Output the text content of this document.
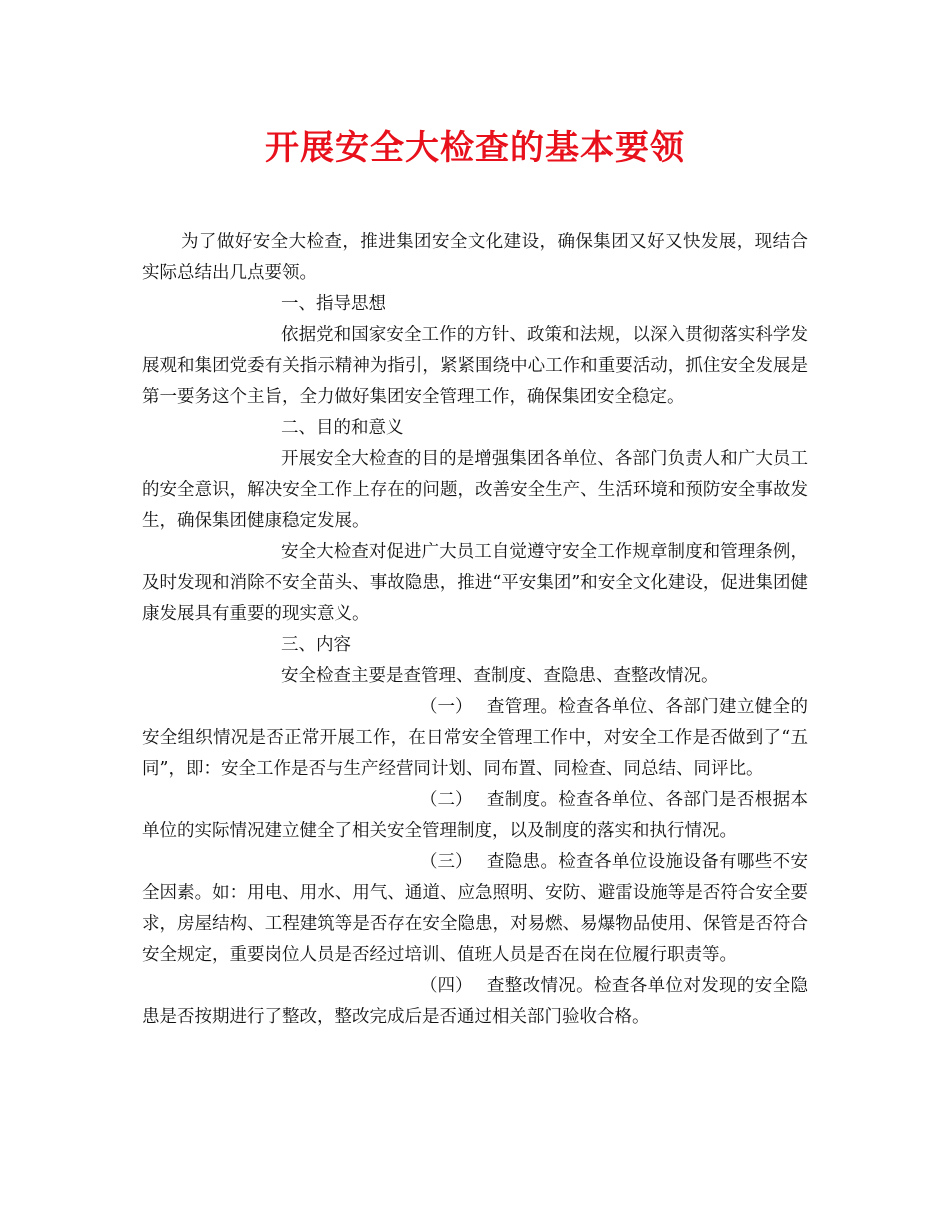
开展安全大检查的基本要领

为了做好安全大检查，推进集团安全文化建设，确保集团又好又快发展，现结合实际总结出几点要领。

一、指导思想

依据党和国家安全工作的方针、政策和法规，以深入贯彻落实科学发展观和集团党委有关指示精神为指引，紧紧围绕中心工作和重要活动，抓住安全发展是第一要务这个主旨，全力做好集团安全管理工作，确保集团安全稳定。

二、目的和意义

开展安全大检查的目的是增强集团各单位、各部门负责人和广大员工的安全意识，解决安全工作上存在的问题，改善安全生产、生活环境和预防安全事故发生，确保集团健康稳定发展。

安全大检查对促进广大员工自觉遵守安全工作规章制度和管理条例，及时发现和消除不安全苗头、事故隐患，推进“平安集团”和安全文化建设，促进集团健康发展具有重要的现实意义。

三、内容

安全检查主要是查管理、查制度、查隐患、查整改情况。

（一） 查管理。检查各单位、各部门建立健全的安全组织情况是否正常开展工作，在日常安全管理工作中，对安全工作是否做到了“五同”，即：安全工作是否与生产经营同计划、同布置、同检查、同总结、同评比。

（二） 查制度。检查各单位、各部门是否根据本单位的实际情况建立健全了相关安全管理制度，以及制度的落实和执行情况。

（三） 查隐患。检查各单位设施设备有哪些不安全因素。如：用电、用水、用气、通道、应急照明、安防、避雷设施等是否符合安全要求，房屋结构、工程建筑等是否存在安全隐患，对易燃、易爆物品使用、保管是否符合安全规定，重要岗位人员是否经过培训、值班人员是否在岗在位履行职责等。

（四） 查整改情况。检查各单位对发现的安全隐患是否按期进行了整改，整改完成后是否通过相关部门验收合格。
